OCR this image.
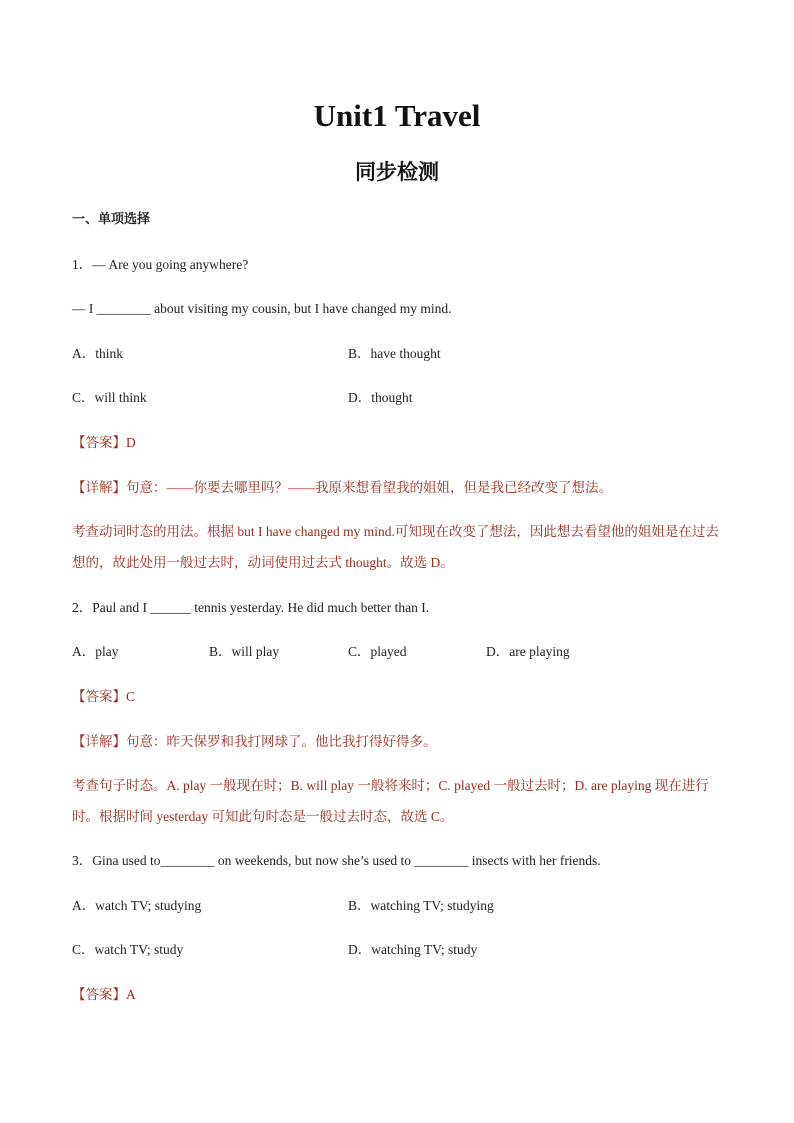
Unit1 Travel
同步检测
一、单项选择
1．— Are you going anywhere?
— I ________ about visiting my cousin, but I have changed my mind.
A．think	B．have thought
C．will think	D．thought
【答案】D
【详解】句意：——你要去哪里吗？——我原来想看望我的姐姐，但是我已经改变了想法。
考查动词时态的用法。根据 but I have changed my mind.可知现在改变了想法，因此想去看望他的姐姐是在过去想的，故此处用一般过去时，动词使用过去式 thought。故选 D。
2．Paul and I ______ tennis yesterday. He did much better than I.
A．play	B．will play	C．played	D．are playing
【答案】C
【详解】句意：昨天保罗和我打网球了。他比我打得好得多。
考查句子时态。A. play 一般现在时；B. will play 一般将来时；C. played 一般过去时；D. are playing 现在进行时。根据时间 yesterday 可知此句时态是一般过去时态，故选 C。
3．Gina used to________ on weekends, but now she’s used to ________ insects with her friends.
A．watch TV; studying	B．watching TV; studying
C．watch TV; study	D．watching TV; study
【答案】A
